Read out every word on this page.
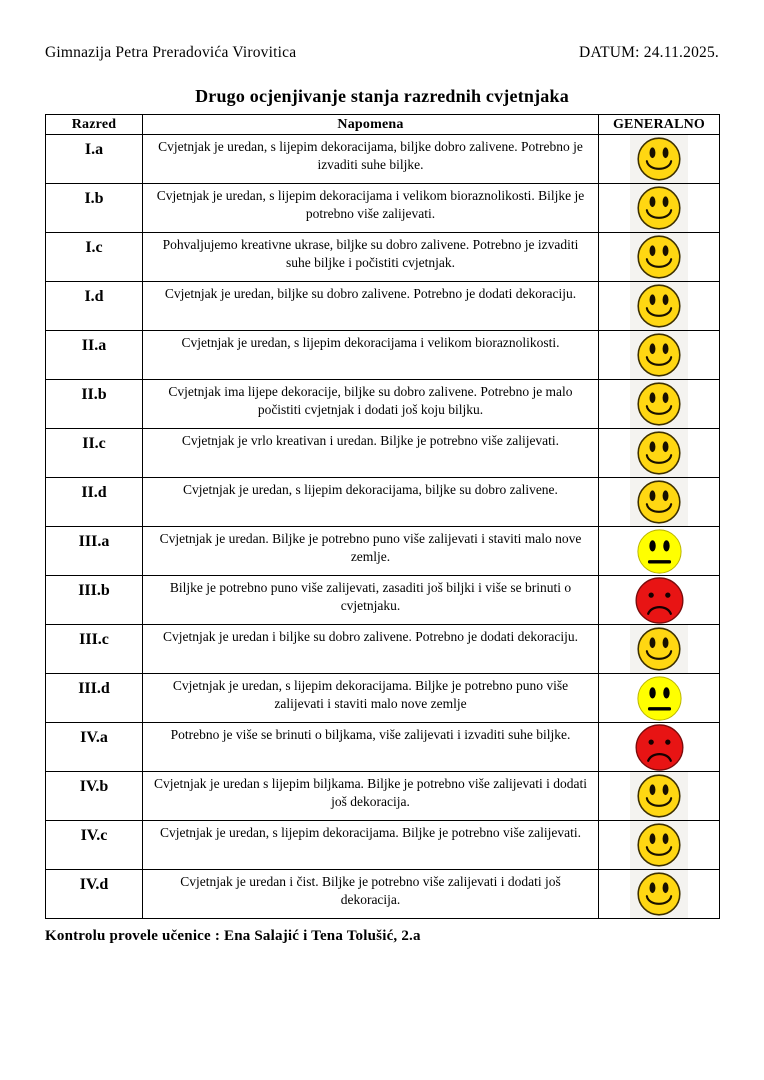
Gimnazija Petra Preradovića Virovitica	DATUM: 24.11.2025.
Drugo ocjenjivanje stanja razrednih cvjetnjaka
Razred	Napomena	GENERALNO
I.a	Cvjetnjak je uredan, s lijepim dekoracijama, biljke dobro zalivene. Potrebno je izvaditi suhe biljke.	

I.b	Cvjetnjak je uredan, s lijepim dekoracijama i velikom bioraznolikosti. Biljke je potrebno više zalijevati.	

I.c	Pohvaljujemo kreativne ukrase, biljke su dobro zalivene. Potrebno je izvaditi suhe biljke i počistiti cvjetnjak.	

I.d	Cvjetnjak je uredan, biljke su dobro zalivene. Potrebno je dodati dekoraciju.	

II.a	Cvjetnjak je uredan, s lijepim dekoracijama i velikom bioraznolikosti.	

II.b	Cvjetnjak ima lijepe dekoracije, biljke su dobro zalivene. Potrebno je malo počistiti cvjetnjak i dodati još koju biljku.	

II.c	Cvjetnjak je vrlo kreativan i uredan. Biljke je potrebno više zalijevati.	

II.d	Cvjetnjak je uredan, s lijepim dekoracijama, biljke su dobro zalivene.	

III.a	Cvjetnjak je uredan. Biljke je potrebno puno više zalijevati i staviti malo nove zemlje.	

III.b	Biljke je potrebno puno više zalijevati, zasaditi još biljki i više se brinuti o cvjetnjaku.	

III.c	Cvjetnjak je uredan i biljke su dobro zalivene. Potrebno je dodati dekoraciju.	

III.d	Cvjetnjak je uredan, s lijepim dekoracijama. Biljke je potrebno puno više zalijevati i staviti malo nove zemlje	

IV.a	Potrebno je više se brinuti o biljkama, više zalijevati i izvaditi suhe biljke.	

IV.b	Cvjetnjak je uredan s lijepim biljkama. Biljke je potrebno više zalijevati i dodati još dekoracija.	

IV.c	Cvjetnjak je uredan, s lijepim dekoracijama. Biljke je potrebno više zalijevati.	

IV.d	Cvjetnjak je uredan i čist. Biljke je potrebno više zalijevati i dodati još dekoracija.	
Kontrolu provele učenice : Ena Salajić i Tena Tolušić, 2.a
